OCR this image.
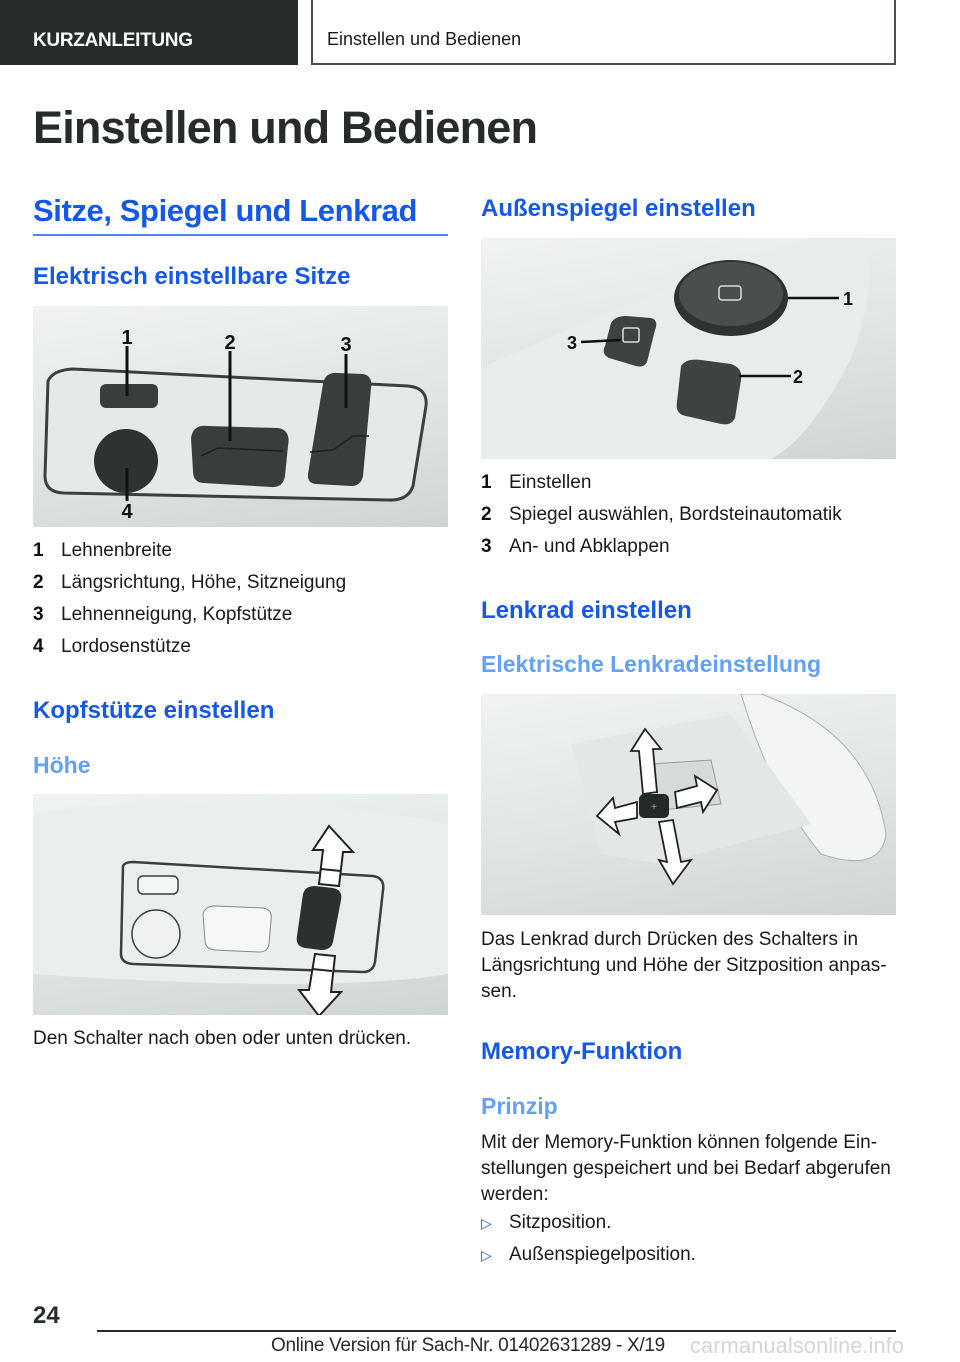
KURZANLEITUNG	Einstellen und Bedienen
Einstellen und Bedienen
Sitze, Spiegel und Lenkrad
Elektrisch einstellbare Sitze
1	2	3
4
1 Lehnenbreite
2 Längsrichtung, Höhe, Sitzneigung
3 Lehnenneigung, Kopfstütze
4 Lordosenstütze
Kopfstütze einstellen
Höhe

Den Schalter nach oben oder unten drücken.

Außenspiegel einstellen
1
2
3
1 Einstellen
2 Spiegel auswählen, Bordsteinautomatik
3 An- und Abklappen
Lenkrad einstellen
Elektrische Lenkradeinstellung
+

Das Lenkrad durch Drücken des Schalters in Längsrichtung und Höhe der Sitzposition anpas-sen.

Memory-Funktion
Prinzip

Mit der Memory-Funktion können folgende Ein-stellungen gespeichert und bei Bedarf abgerufen werden:

▷ Sitzposition.
▷ Außenspiegelposition.
24
Online Version für Sach-Nr. 01402631289 - X/19 carmanualsonline.info
